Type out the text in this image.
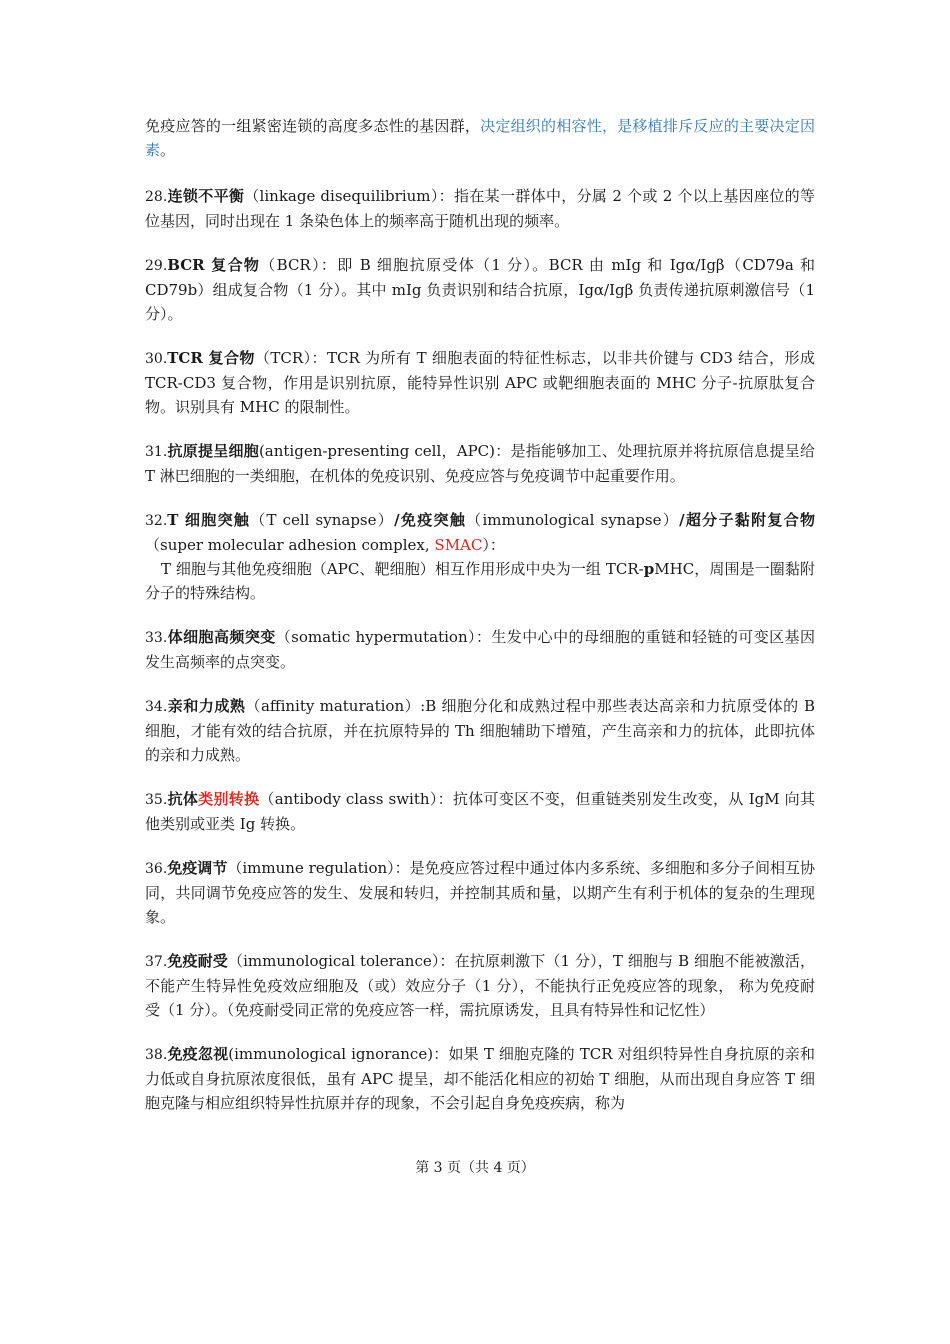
免疫应答的一组紧密连锁的高度多态性的基因群，决定组织的相容性，是移植排斥反应的主要决定因素。

28.连锁不平衡（linkage disequilibrium）：指在某一群体中，分属 2 个或 2 个以上基因座位的等位基因，同时出现在 1 条染色体上的频率高于随机出现的频率。

29.BCR 复合物（BCR）：即 B 细胞抗原受体（1 分）。BCR 由 mIg 和 Igα/Igβ（CD79a 和 CD79b）组成复合物（1 分）。其中 mIg 负责识别和结合抗原，Igα/Igβ 负责传递抗原刺激信号（1 分）。

30.TCR 复合物（TCR）：TCR 为所有 T 细胞表面的特征性标志，以非共价键与 CD3 结合，形成 TCR-CD3 复合物，作用是识别抗原，能特异性识别 APC 或靶细胞表面的 MHC 分子-抗原肽复合物。识别具有 MHC 的限制性。

31.抗原提呈细胞(antigen-presenting cell，APC)：是指能够加工、处理抗原并将抗原信息提呈给 T 淋巴细胞的一类细胞，在机体的免疫识别、免疫应答与免疫调节中起重要作用。

32.T 细胞突触（T cell synapse）/免疫突触（immunological synapse）/超分子黏附复合物（super molecular adhesion complex, SMAC）：
T 细胞与其他免疫细胞（APC、靶细胞）相互作用形成中央为一组 TCR-pMHC，周围是一圈黏附分子的特殊结构。

33.体细胞高频突变（somatic hypermutation）：生发中心中的母细胞的重链和轻链的可变区基因发生高频率的点突变。

34.亲和力成熟（affinity maturation）:B 细胞分化和成熟过程中那些表达高亲和力抗原受体的 B 细胞，才能有效的结合抗原，并在抗原特异的 Th 细胞辅助下增殖，产生高亲和力的抗体，此即抗体的亲和力成熟。

35.抗体类别转换（antibody class swith）：抗体可变区不变，但重链类别发生改变，从 IgM 向其他类别或亚类 Ig 转换。

36.免疫调节（immune regulation）：是免疫应答过程中通过体内多系统、多细胞和多分子间相互协同，共同调节免疫应答的发生、发展和转归，并控制其质和量，以期产生有利于机体的复杂的生理现象。

37.免疫耐受（immunological tolerance）：在抗原刺激下（1 分），T 细胞与 B 细胞不能被激活，不能产生特异性免疫效应细胞及（或）效应分子（1 分），不能执行正免疫应答的现象， 称为免疫耐受（1 分）。（免疫耐受同正常的免疫应答一样，需抗原诱发，且具有特异性和记忆性）

38.免疫忽视(immunological ignorance)：如果 T 细胞克隆的 TCR 对组织特异性自身抗原的亲和力低或自身抗原浓度很低，虽有 APC 提呈，却不能活化相应的初始 T 细胞，从而出现自身应答 T 细胞克隆与相应组织特异性抗原并存的现象，不会引起自身免疫疾病，称为

第 3 页（共 4 页）
